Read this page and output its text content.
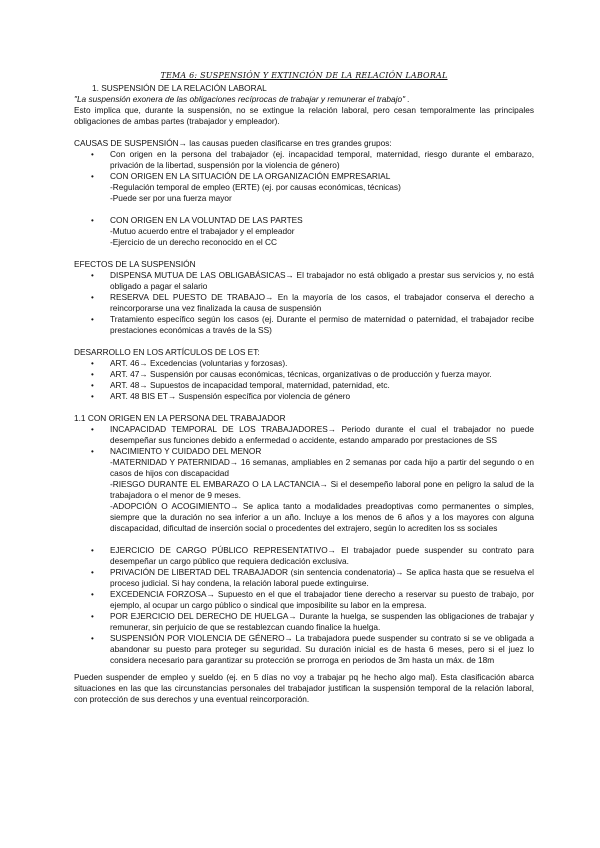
TEMA 6: SUSPENSIÓN Y EXTINCIÓN DE LA RELACIÓN LABORAL
1. SUSPENSIÓN DE LA RELACIÓN LABORAL
"La suspensión exonera de las obligaciones recíprocas de trabajar y remunerar el trabajo" .
Esto implica que, durante la suspensión, no se extingue la relación laboral, pero cesan temporalmente las principales obligaciones de ambas partes (trabajador y empleador).
CAUSAS DE SUSPENSIÓN→ las causas pueden clasificarse en tres grandes grupos:
• Con origen en la persona del trabajador (ej. incapacidad temporal, maternidad, riesgo durante el embarazo, privación de la libertad, suspensión por la violencia de género)
• CON ORIGEN EN LA SITUACIÓN DE LA ORGANIZACIÓN EMPRESARIAL
-Regulación temporal de empleo (ERTE) (ej. por causas económicas, técnicas)
-Puede ser por una fuerza mayor
• CON ORIGEN EN LA VOLUNTAD DE LAS PARTES
-Mutuo acuerdo entre el trabajador y el empleador
-Ejercicio de un derecho reconocido en el CC
EFECTOS DE LA SUSPENSIÓN
• DISPENSA MUTUA DE LAS OBLIGABÁSICAS→ El trabajador no está obligado a prestar sus servicios y, no está obligado a pagar el salario
• RESERVA DEL PUESTO DE TRABAJO→ En la mayoría de los casos, el trabajador conserva el derecho a reincorporarse una vez finalizada la causa de suspensión
• Tratamiento específico según los casos (ej. Durante el permiso de maternidad o paternidad, el trabajador recibe prestaciones económicas a través de la SS)
DESARROLLO EN LOS ARTÍCULOS DE LOS ET:
• ART. 46→ Excedencias (voluntarias y forzosas).
• ART. 47→ Suspensión por causas económicas, técnicas, organizativas o de producción y fuerza mayor.
• ART. 48→ Supuestos de incapacidad temporal, maternidad, paternidad, etc.
• ART. 48 BIS ET→ Suspensión específica por violencia de género
1.1 CON ORIGEN EN LA PERSONA DEL TRABAJADOR
• INCAPACIDAD TEMPORAL DE LOS TRABAJADORES→ Periodo durante el cual el trabajador no puede desempeñar sus funciones debido a enfermedad o accidente, estando amparado por prestaciones de SS
• NACIMIENTO Y CUIDADO DEL MENOR
-MATERNIDAD Y PATERNIDAD→ 16 semanas, ampliables en 2 semanas por cada hijo a partir del segundo o en casos de hijos con discapacidad
-RIESGO DURANTE EL EMBARAZO O LA LACTANCIA→ Si el desempeño laboral pone en peligro la salud de la trabajadora o el menor de 9 meses.
-ADOPCIÓN O ACOGIMIENTO→ Se aplica tanto a modalidades preadoptivas como permanentes o simples, siempre que la duración no sea inferior a un año. Incluye a los menos de 6 años y a los mayores con alguna discapacidad, dificultad de inserción social o procedentes del extrajero, según lo acrediten los ss sociales
• EJERCICIO DE CARGO PÚBLICO REPRESENTATIVO→ El trabajador puede suspender su contrato para desempeñar un cargo público que requiera dedicación exclusiva.
• PRIVACIÓN DE LIBERTAD DEL TRABAJADOR (sin sentencia condenatoria)→ Se aplica hasta que se resuelva el proceso judicial. Si hay condena, la relación laboral puede extinguirse.
• EXCEDENCIA FORZOSA→ Supuesto en el que el trabajador tiene derecho a reservar su puesto de trabajo, por ejemplo, al ocupar un cargo público o sindical que imposibilite su labor en la empresa.
• POR EJERCICIO DEL DERECHO DE HUELGA→ Durante la huelga, se suspenden las obligaciones de trabajar y remunerar, sin perjuicio de que se restablezcan cuando finalice la huelga.
• SUSPENSIÓN POR VIOLENCIA DE GÉNERO→ La trabajadora puede suspender su contrato si se ve obligada a abandonar su puesto para proteger su seguridad. Su duración inicial es de hasta 6 meses, pero si el juez lo considera necesario para garantizar su protección se prorroga en periodos de 3m hasta un máx. de 18m
Pueden suspender de empleo y sueldo (ej. en 5 días no voy a trabajar pq he hecho algo mal). Esta clasificación abarca situaciones en las que las circunstancias personales del trabajador justifican la suspensión temporal de la relación laboral, con protección de sus derechos y una eventual reincorporación.
